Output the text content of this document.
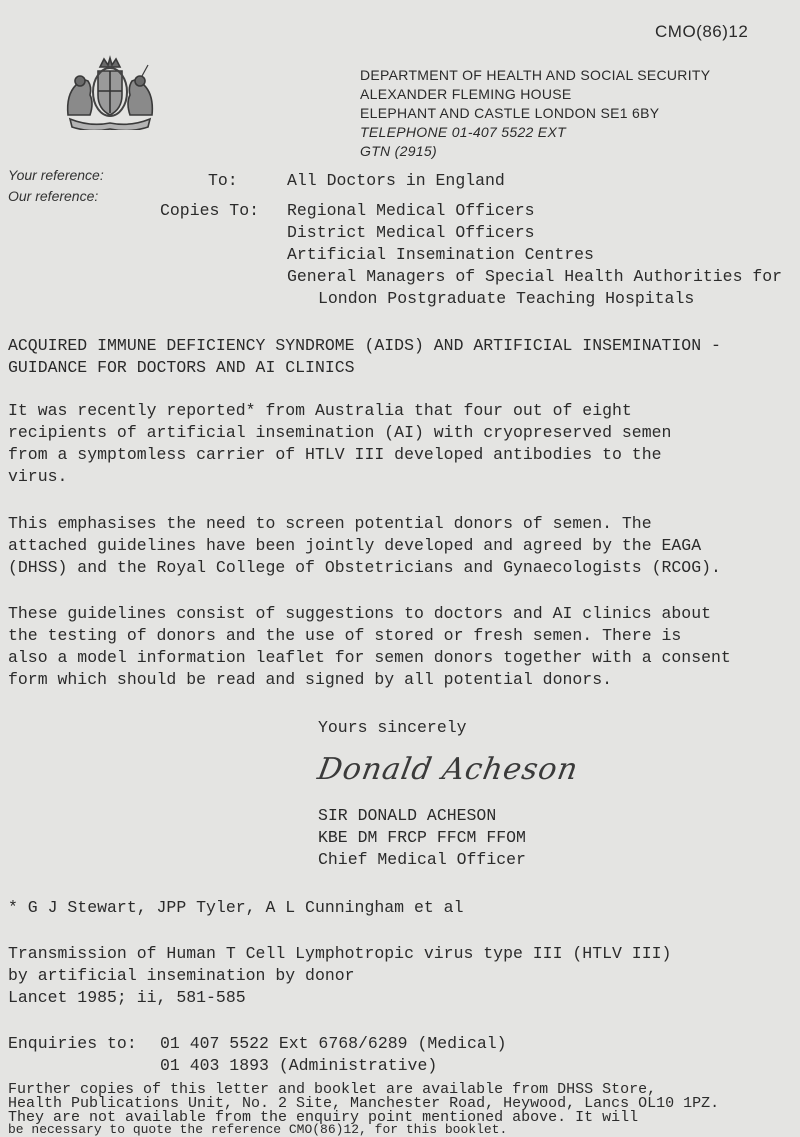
CMO(86)12
DEPARTMENT OF HEALTH AND SOCIAL SECURITY
ALEXANDER FLEMING HOUSE
ELEPHANT AND CASTLE LONDON SE1 6BY
TELEPHONE 01-407 5522 EXT
GTN (2915)
Your reference:
Our reference:
To:	All Doctors in England
Copies To: Regional Medical Officers
District Medical Officers
Artificial Insemination Centres
General Managers of Special Health Authorities for
London Postgraduate Teaching Hospitals
ACQUIRED IMMUNE DEFICIENCY SYNDROME (AIDS) AND ARTIFICIAL INSEMINATION -
GUIDANCE FOR DOCTORS AND AI CLINICS
It was recently reported* from Australia that four out of eight
recipients of artificial insemination (AI) with cryopreserved semen
from a symptomless carrier of HTLV III developed antibodies to the
virus.
This emphasises the need to screen potential donors of semen. The
attached guidelines have been jointly developed and agreed by the EAGA
(DHSS) and the Royal College of Obstetricians and Gynaecologists (RCOG).
These guidelines consist of suggestions to doctors and AI clinics about
the testing of donors and the use of stored or fresh semen. There is
also a model information leaflet for semen donors together with a consent
form which should be read and signed by all potential donors.
Yours sincerely
Donald Acheson
SIR DONALD ACHESON
KBE DM FRCP FFCM FFOM
Chief Medical Officer
* G J Stewart, JPP Tyler, A L Cunningham et al
Transmission of Human T Cell Lymphotropic virus type III (HTLV III)
by artificial insemination by donor
Lancet 1985; ii, 581-585
Enquiries to: 01 407 5522 Ext 6768/6289 (Medical)
01 403 1893 (Administrative)
Further copies of this letter and booklet are available from DHSS Store,
Health Publications Unit, No. 2 Site, Manchester Road, Heywood, Lancs OL10 1PZ.
They are not available from the enquiry point mentioned above. It will
be necessary to quote the reference CMO(86)12, for this booklet.
